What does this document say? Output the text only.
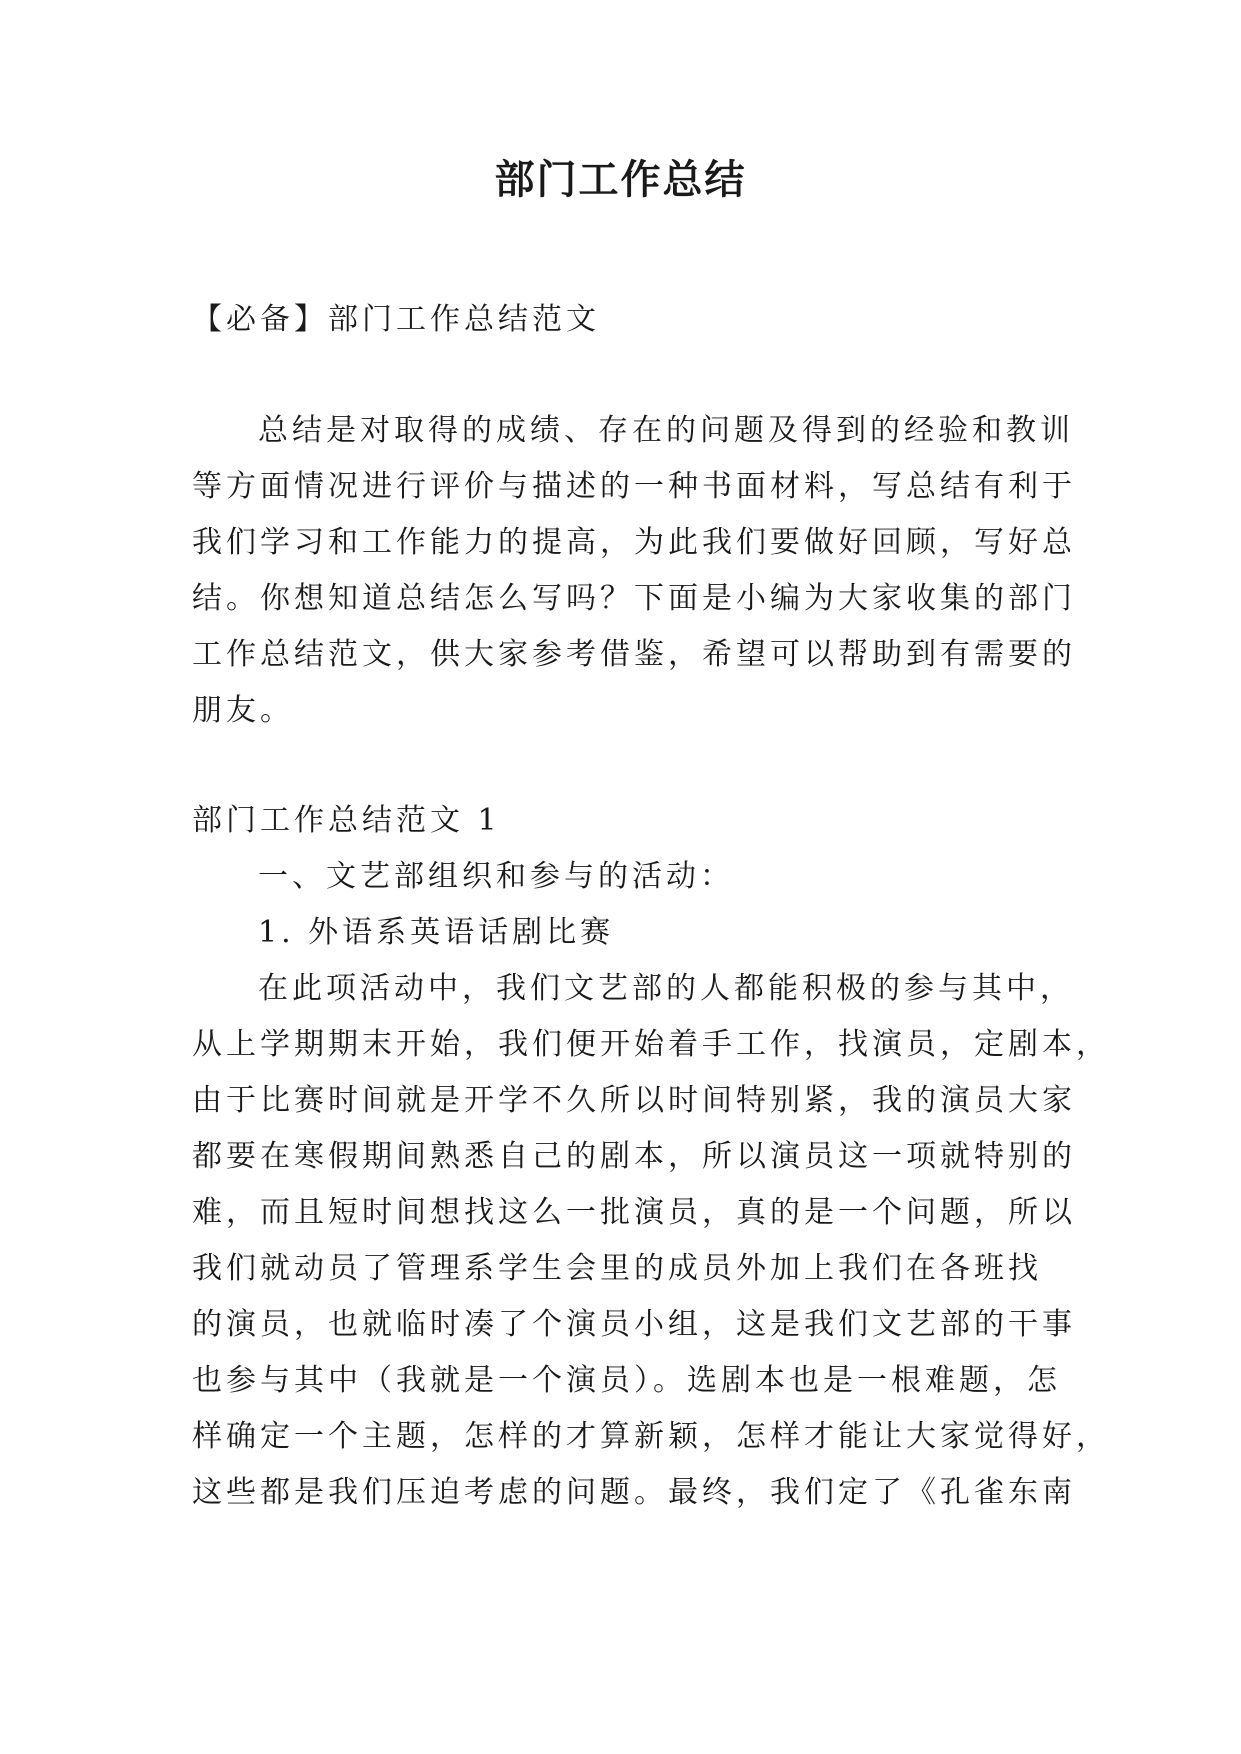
部门工作总结
【必备】部门工作总结范文
总结是对取得的成绩、存在的问题及得到的经验和教训
等方面情况进行评价与描述的一种书面材料，写总结有利于
我们学习和工作能力的提高，为此我们要做好回顾，写好总
结。你想知道总结怎么写吗？下面是小编为大家收集的部门
工作总结范文，供大家参考借鉴，希望可以帮助到有需要的
朋友。
部门工作总结范文 1
一、文艺部组织和参与的活动：
1. 外语系英语话剧比赛
在此项活动中，我们文艺部的人都能积极的参与其中，
从上学期期末开始，我们便开始着手工作，找演员，定剧本，
由于比赛时间就是开学不久所以时间特别紧，我的演员大家
都要在寒假期间熟悉自己的剧本，所以演员这一项就特别的
难，而且短时间想找这么一批演员，真的是一个问题，所以
我们就动员了管理系学生会里的成员外加上我们在各班找
的演员，也就临时凑了个演员小组，这是我们文艺部的干事
也参与其中（我就是一个演员）。选剧本也是一根难题，怎
样确定一个主题，怎样的才算新颖，怎样才能让大家觉得好，
这些都是我们压迫考虑的问题。最终，我们定了《孔雀东南
